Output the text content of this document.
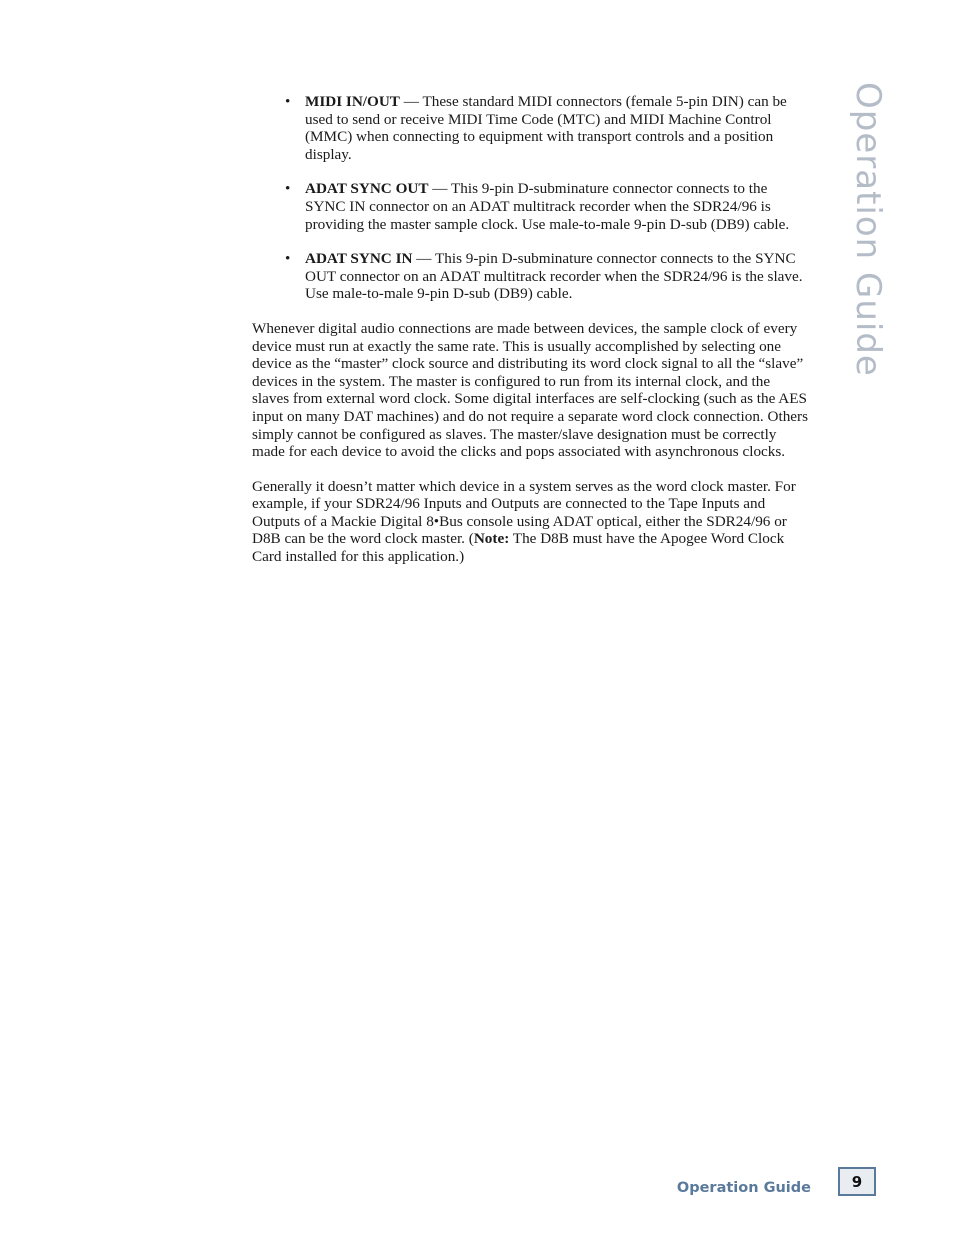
Operation Guide
• MIDI IN/OUT — These standard MIDI connectors (female 5-pin DIN) can be used to send or receive MIDI Time Code (MTC) and MIDI Machine Control (MMC) when connecting to equipment with transport controls and a position display.
• ADAT SYNC OUT — This 9-pin D-subminature connector connects to the SYNC IN connector on an ADAT multitrack recorder when the SDR24/96 is providing the master sample clock. Use male-to-male 9-pin D-sub (DB9) cable.
• ADAT SYNC IN — This 9-pin D-subminature connector connects to the SYNC OUT connector on an ADAT multitrack recorder when the SDR24/96 is the slave. Use male-to-male 9-pin D-sub (DB9) cable.

Whenever digital audio connections are made between devices, the sample clock of every device must run at exactly the same rate. This is usually accomplished by selecting one device as the “master” clock source and distributing its word clock signal to all the “slave” devices in the system. The master is configured to run from its internal clock, and the slaves from external word clock. Some digital interfaces are self-clocking (such as the AES input on many DAT machines) and do not require a separate word clock connection. Others simply cannot be configured as slaves. The master/slave designation must be correctly made for each device to avoid the clicks and pops associated with asynchronous clocks.

Generally it doesn’t matter which device in a system serves as the word clock master. For example, if your SDR24/96 Inputs and Outputs are connected to the Tape Inputs and Outputs of a Mackie Digital 8•Bus console using ADAT optical, either the SDR24/96 or D8B can be the word clock master. (Note: The D8B must have the Apogee Word Clock Card installed for this application.)

Operation Guide	9
